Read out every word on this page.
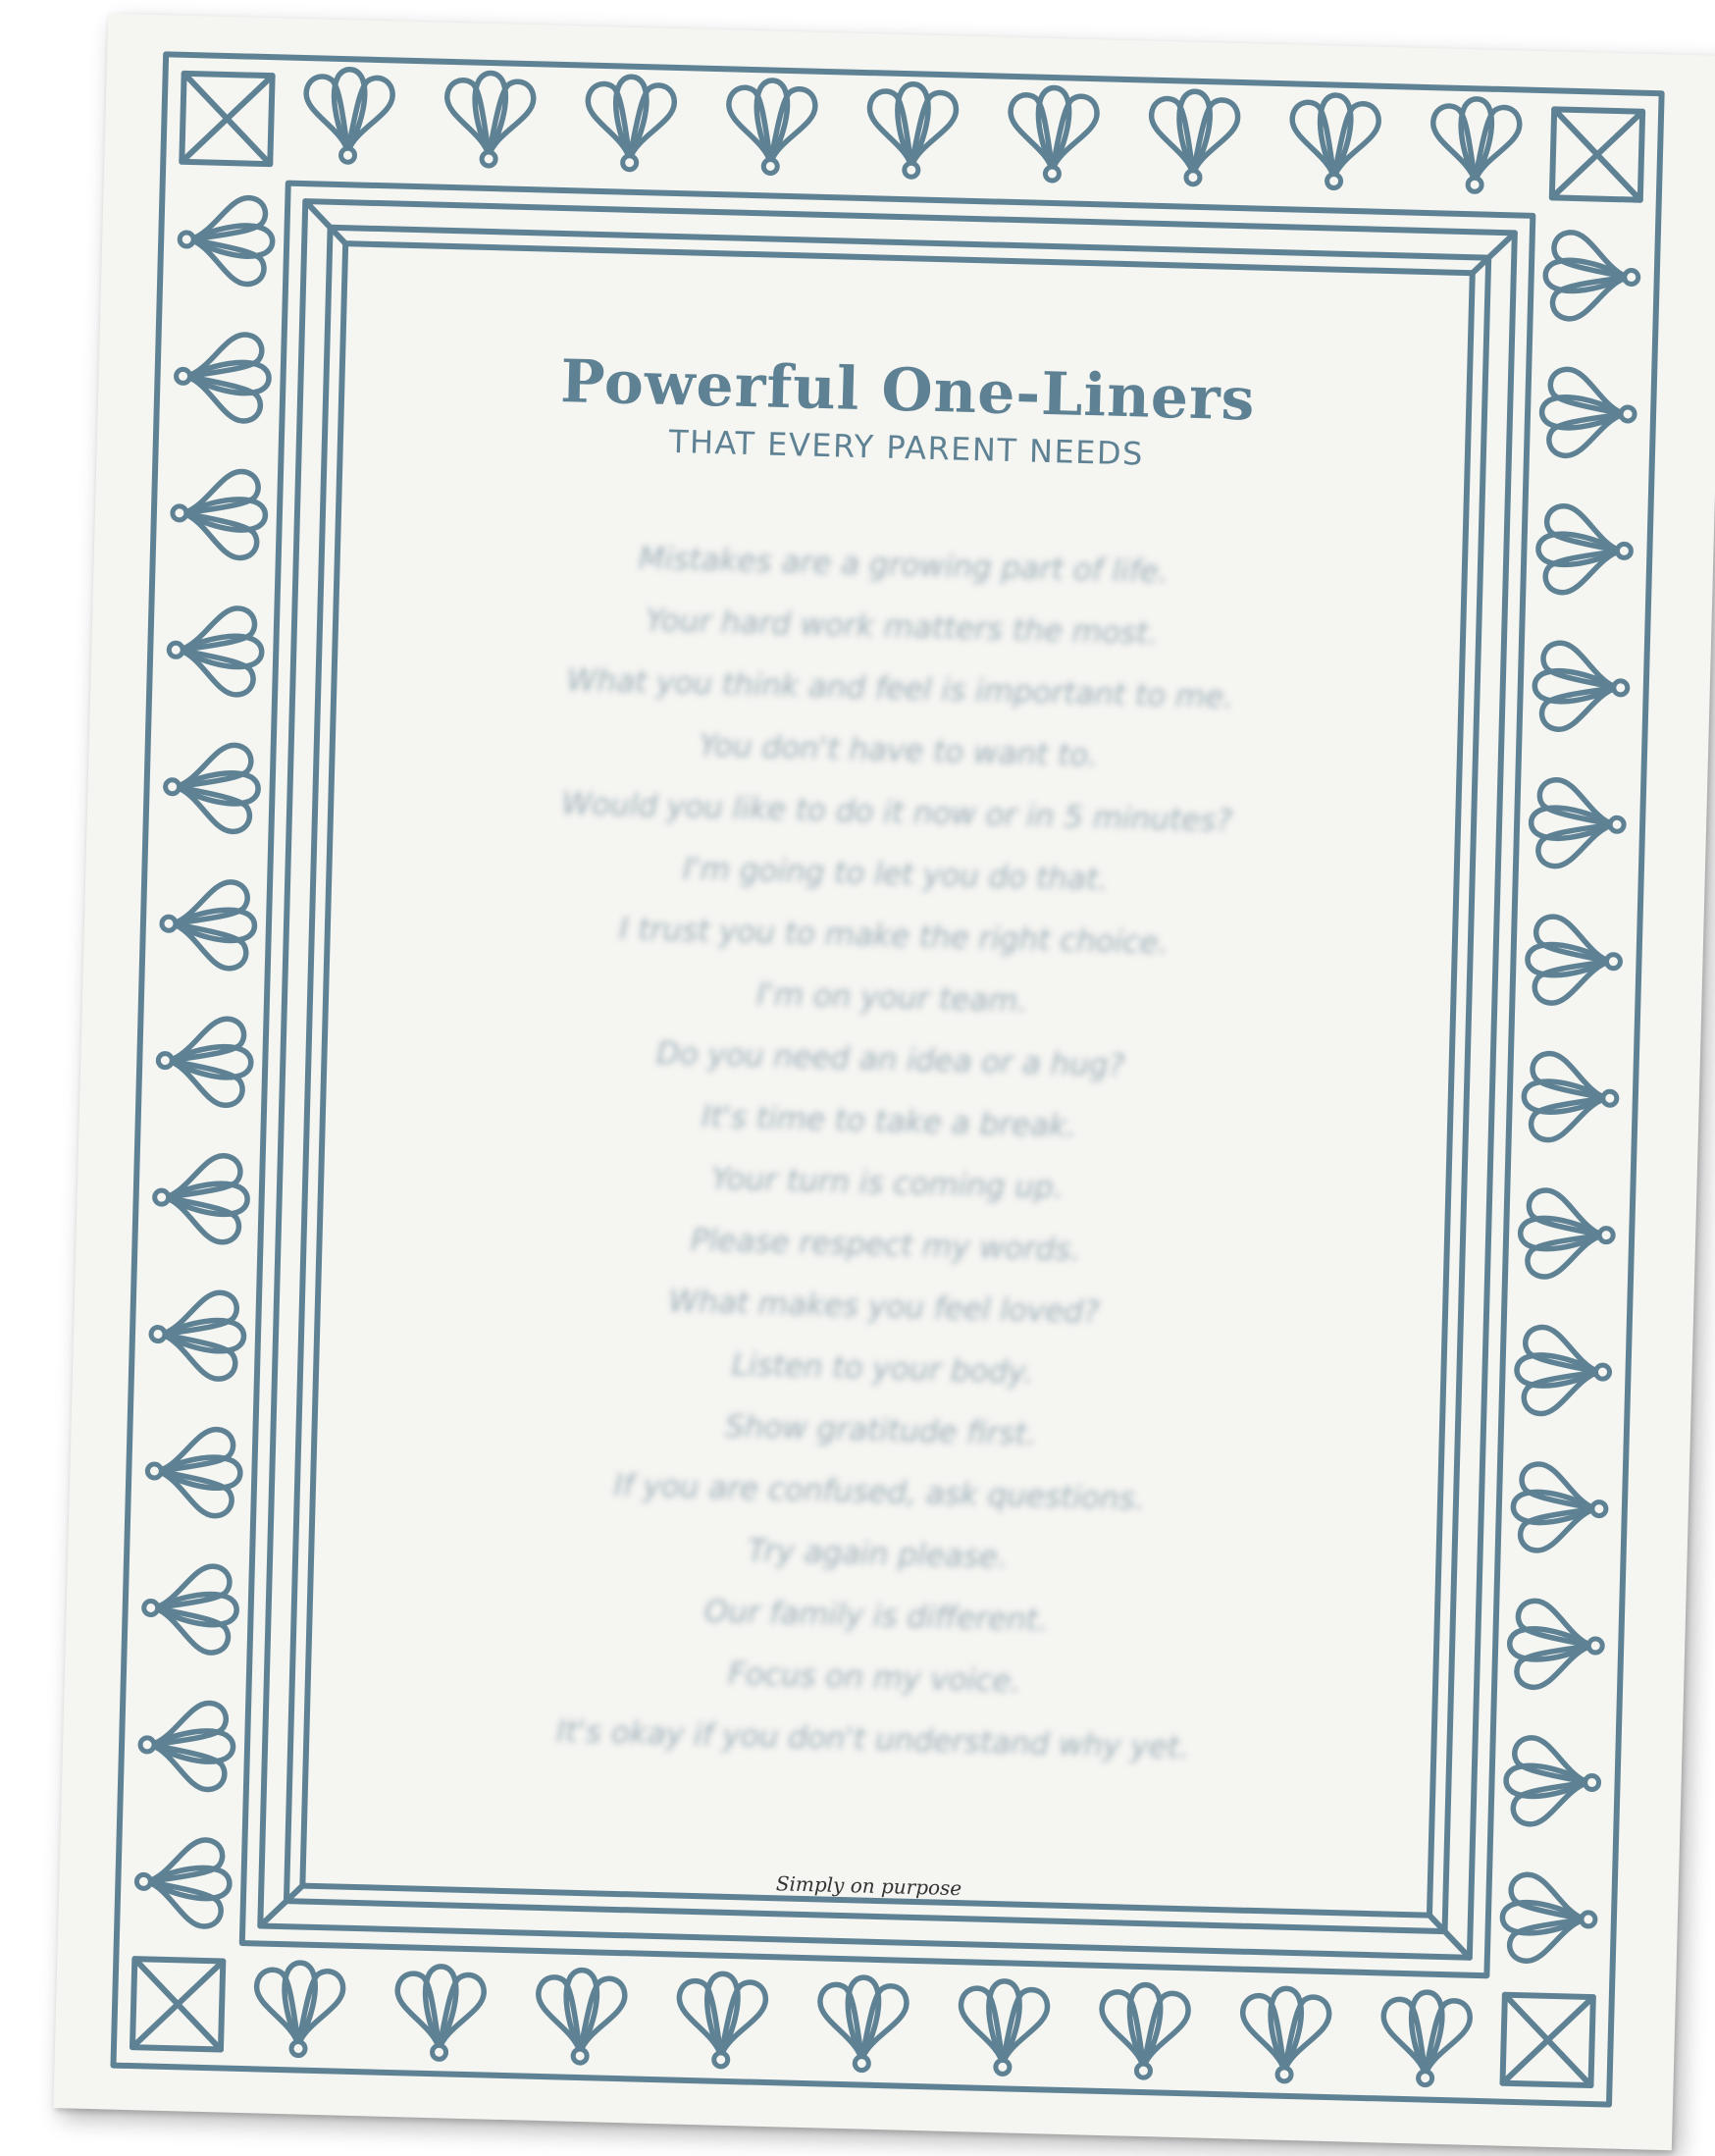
Powerful One-Liners

THAT EVERY PARENT NEEDS

Mistakes are a growing part of life.
Your hard work matters the most.
What you think and feel is important to me.
You don't have to want to.
Would you like to do it now or in 5 minutes?
I'm going to let you do that.
I trust you to make the right choice.
I'm on your team.
Do you need an idea or a hug?
It's time to take a break.
Your turn is coming up.
Please respect my words.
What makes you feel loved?
Listen to your body.
Show gratitude first.
If you are confused, ask questions.
Try again please.
Our family is different.
Focus on my voice.
It's okay if you don't understand why yet.
Simply on purpose
